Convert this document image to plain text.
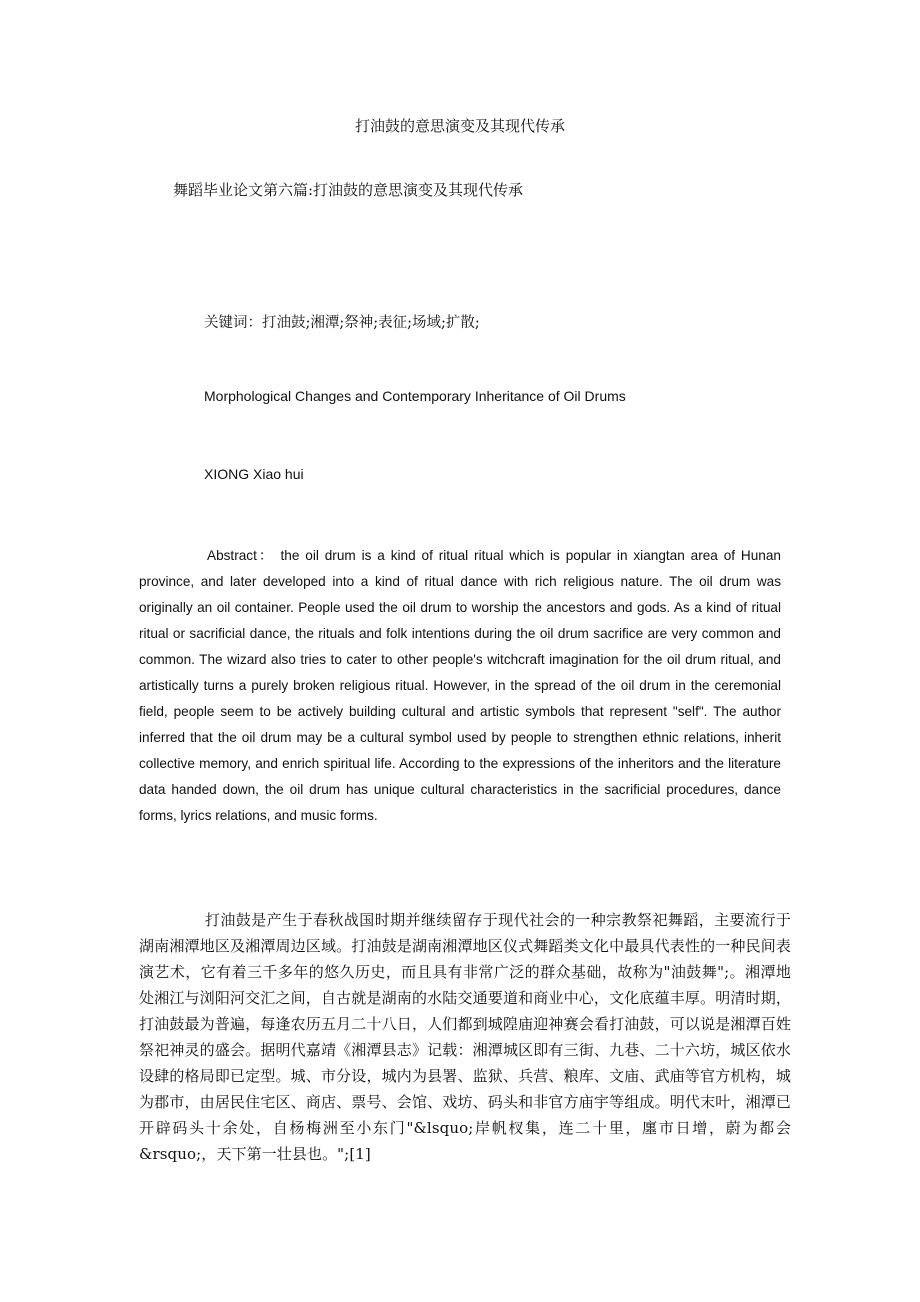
打油鼓的意思演变及其现代传承
舞蹈毕业论文第六篇:打油鼓的意思演变及其现代传承
关键词：打油鼓;湘潭;祭神;表征;场域;扩散;
Morphological Changes and Contemporary Inheritance of Oil Drums
XIONG Xiao hui

Abstract： the oil drum is a kind of ritual ritual which is popular in xiangtan area of Hunan province, and later developed into a kind of ritual dance with rich religious nature. The oil drum was originally an oil container. People used the oil drum to worship the ancestors and gods. As a kind of ritual ritual or sacrificial dance, the rituals and folk intentions during the oil drum sacrifice are very common and common. The wizard also tries to cater to other people's witchcraft imagination for the oil drum ritual, and artistically turns a purely broken religious ritual. However, in the spread of the oil drum in the ceremonial field, people seem to be actively building cultural and artistic symbols that represent "self". The author inferred that the oil drum may be a cultural symbol used by people to strengthen ethnic relations, inherit collective memory, and enrich spiritual life. According to the expressions of the inheritors and the literature data handed down, the oil drum has unique cultural characteristics in the sacrificial procedures, dance forms, lyrics relations, and music forms.

打油鼓是产生于春秋战国时期并继续留存于现代社会的一种宗教祭祀舞蹈，主要流行于湖南湘潭地区及湘潭周边区域。打油鼓是湖南湘潭地区仪式舞蹈类文化中最具代表性的一种民间表演艺术，它有着三千多年的悠久历史，而且具有非常广泛的群众基础，故称为"油鼓舞";。湘潭地处湘江与浏阳河交汇之间，自古就是湖南的水陆交通要道和商业中心，文化底蕴丰厚。明清时期，打油鼓最为普遍，每逢农历五月二十八日，人们都到城隍庙迎神赛会看打油鼓，可以说是湘潭百姓祭祀神灵的盛会。据明代嘉靖《湘潭县志》记载：湘潭城区即有三街、九巷、二十六坊，城区依水设肆的格局即已定型。城、市分设，城内为县署、监狱、兵营、粮库、文庙、武庙等官方机构，城为郡市，由居民住宅区、商店、票号、会馆、戏坊、码头和非官方庙宇等组成。明代末叶，湘潭已开辟码头十余处，自杨梅洲至小东门"&lsquo;岸帆杈集，连二十里，廛市日增，蔚为都会&rsquo;，天下第一壮县也。";[1]
